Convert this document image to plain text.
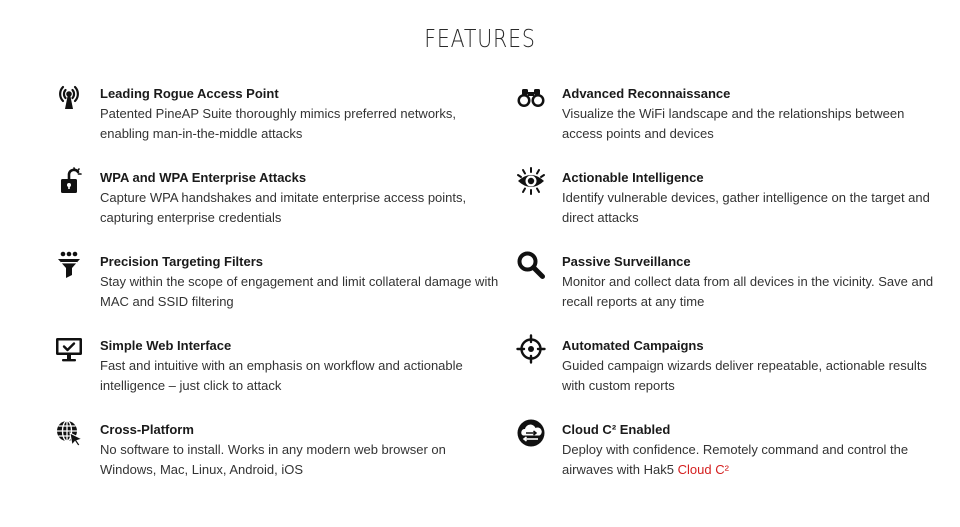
FEATURES
Leading Rogue Access Point
Patented PineAP Suite thoroughly mimics preferred networks, enabling man-in-the-middle attacks
WPA and WPA Enterprise Attacks
Capture WPA handshakes and imitate enterprise access points, capturing enterprise credentials
Precision Targeting Filters
Stay within the scope of engagement and limit collateral damage with MAC and SSID filtering
Simple Web Interface
Fast and intuitive with an emphasis on workflow and actionable intelligence – just click to attack
Cross-Platform
No software to install. Works in any modern web browser on Windows, Mac, Linux, Android, iOS
Advanced Reconnaissance
Visualize the WiFi landscape and the relationships between access points and devices
Actionable Intelligence
Identify vulnerable devices, gather intelligence on the target and direct attacks
Passive Surveillance
Monitor and collect data from all devices in the vicinity. Save and recall reports at any time
Automated Campaigns
Guided campaign wizards deliver repeatable, actionable results with custom reports
Cloud C² Enabled
Deploy with confidence. Remotely command and control the airwaves with Hak5 Cloud C²
